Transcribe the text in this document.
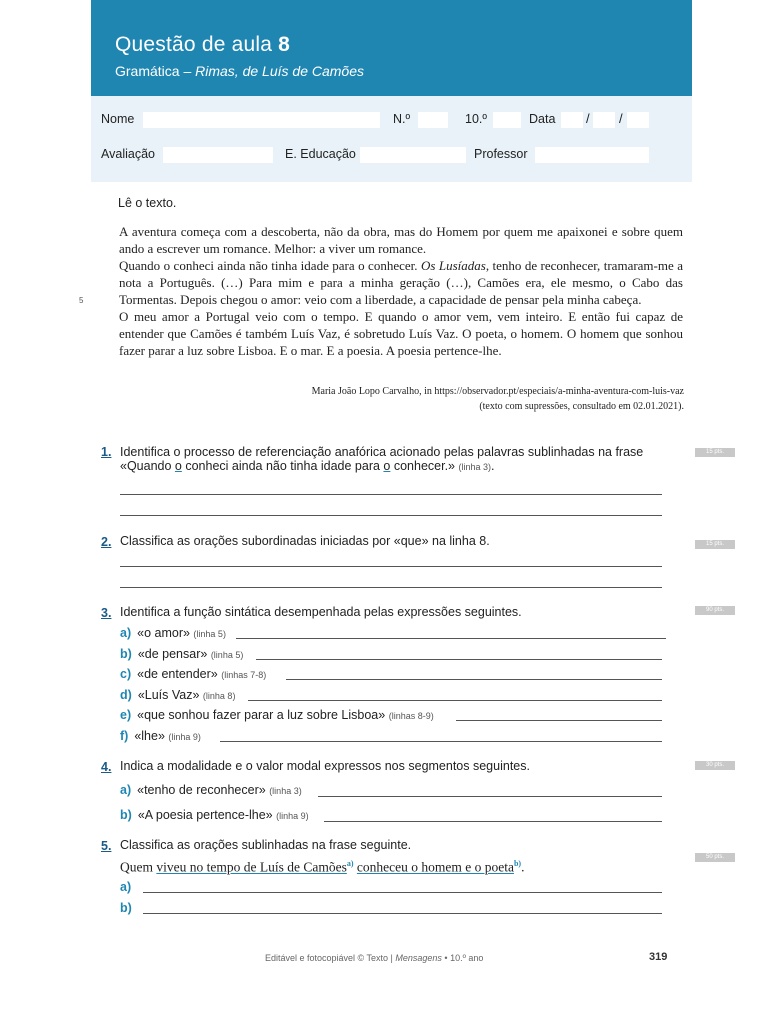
Questão de aula 8
Gramática – Rimas, de Luís de Camões
Nome	N.º	10.º	Data / /
Avaliação	E. Educação	Professor
Lê o texto.

A aventura começa com a descoberta, não da obra, mas do Homem por quem me apaixonei e sobre quem ando a escrever um romance. Melhor: a viver um romance.

Quando o conheci ainda não tinha idade para o conhecer. Os Lusíadas, tenho de reconhecer, tramaram-me a nota a Português. (…) Para mim e para a minha geração (…), Camões era, ele mesmo, o Cabo das Tormentas. Depois chegou o amor: veio com a liberdade, a capacidade de pensar pela minha cabeça.

O meu amor a Portugal veio com o tempo. E quando o amor vem, vem inteiro. E então fui capaz de entender que Camões é também Luís Vaz, é sobretudo Luís Vaz. O poeta, o homem. O homem que sonhou fazer parar a luz sobre Lisboa. E o mar. E a poesia. A poesia pertence-lhe.

5
Maria João Lopo Carvalho, in https://observador.pt/especiais/a-minha-aventura-com-luis-vaz
(texto com supressões, consultado em 02.01.2021).
1. Identifica o processo de referenciação anafórica acionado pelas palavras sublinhadas na frase
«Quando o conheci ainda não tinha idade para o conhecer.» (linha 3).
15 pts.
2. Classifica as orações subordinadas iniciadas por «que» na linha 8.	15 pts.
3. Identifica a função sintática desempenhada pelas expressões seguintes.	90 pts.
a) «o amor» (linha 5)
b) «de pensar» (linha 5)
c) «de entender» (linhas 7-8)
d) «Luís Vaz» (linha 8)
e) «que sonhou fazer parar a luz sobre Lisboa» (linhas 8-9)
f) «lhe» (linha 9)
4. Indica a modalidade e o valor modal expressos nos segmentos seguintes.	30 pts.
a) «tenho de reconhecer» (linha 3)
b) «A poesia pertence-lhe» (linha 9)
5. Classifica as orações sublinhadas na frase seguinte.
50 pts.
Quem viveu no tempo de Luís de Camões$^{a)}$ conheceu o homem e o poeta$^{b)}$.
a)
b)
Editável e fotocopiável © Texto | Mensagens • 10.º ano	319
